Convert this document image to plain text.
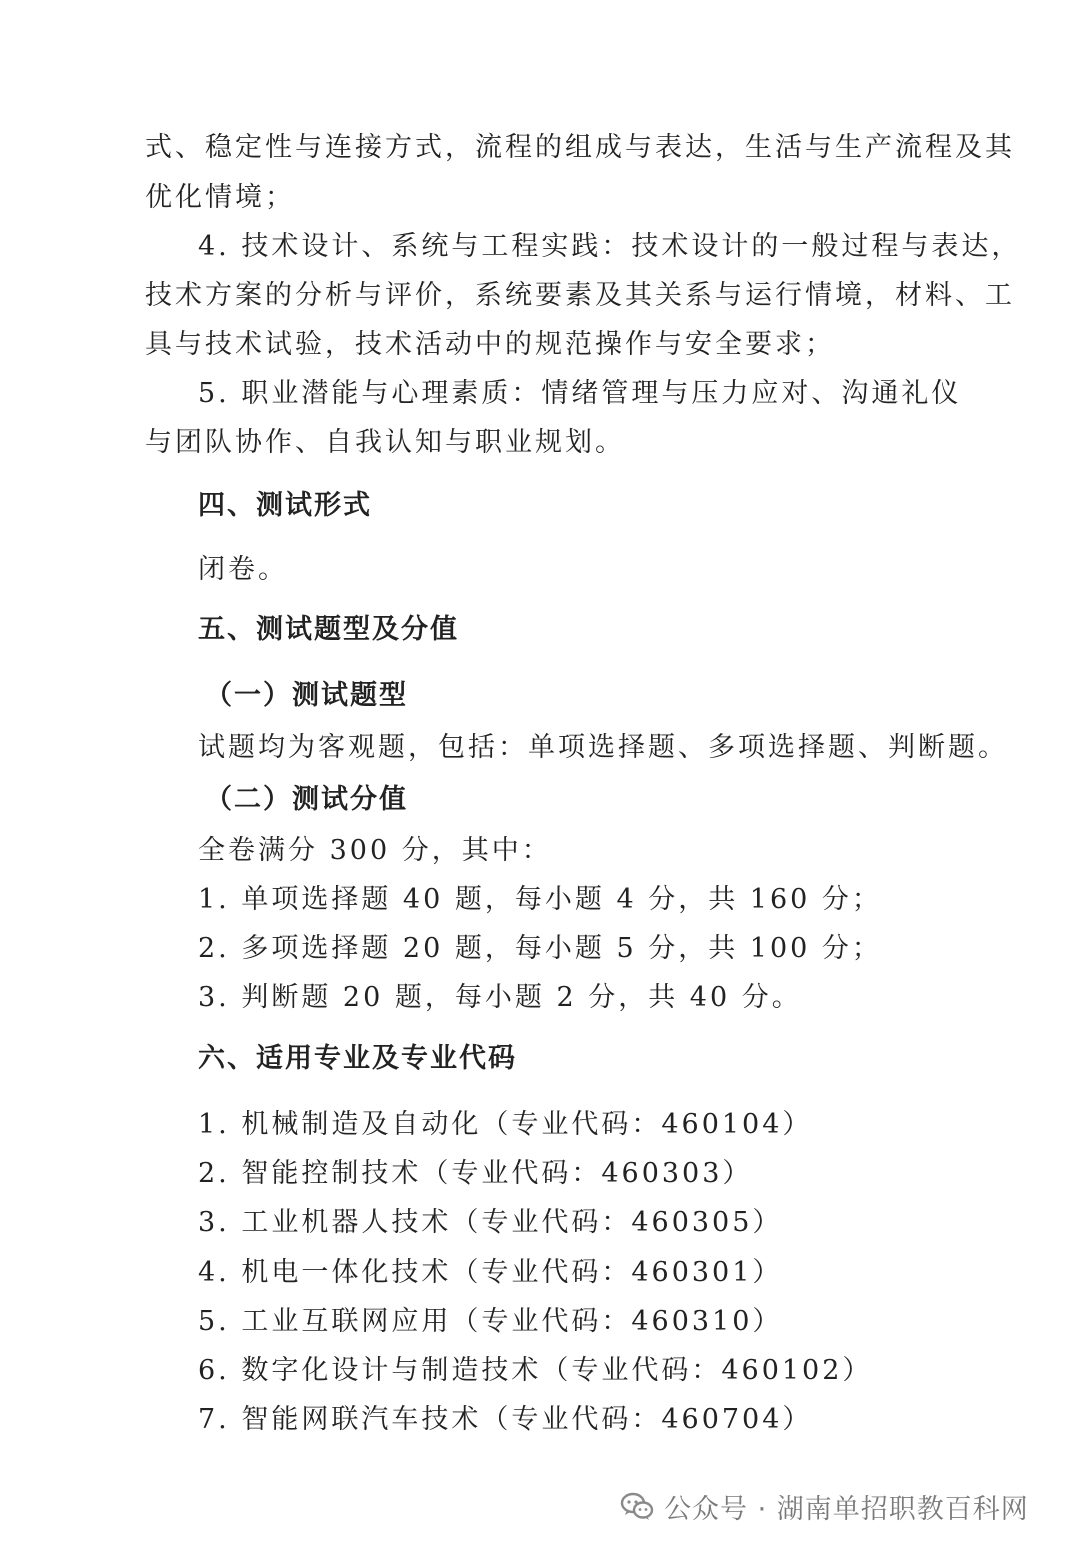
式、稳定性与连接方式，流程的组成与表达，生活与生产流程及其
优化情境；
4. 技术设计、系统与工程实践：技术设计的一般过程与表达，
技术方案的分析与评价，系统要素及其关系与运行情境，材料、工
具与技术试验，技术活动中的规范操作与安全要求；
5. 职业潜能与心理素质：情绪管理与压力应对、沟通礼仪
与团队协作、自我认知与职业规划。
四、测试形式
闭卷。
五、测试题型及分值
（一）测试题型
试题均为客观题，包括：单项选择题、多项选择题、判断题。
（二）测试分值
全卷满分 300 分，其中：
1. 单项选择题 40 题，每小题 4 分，共 160 分；
2. 多项选择题 20 题，每小题 5 分，共 100 分；
3. 判断题 20 题，每小题 2 分，共 40 分。
六、适用专业及专业代码
1. 机械制造及自动化（专业代码：460104）
2. 智能控制技术（专业代码：460303）
3. 工业机器人技术（专业代码：460305）
4. 机电一体化技术（专业代码：460301）
5. 工业互联网应用（专业代码：460310）
6. 数字化设计与制造技术（专业代码：460102）
7. 智能网联汽车技术（专业代码：460704）
公众号 · 湖南单招职教百科网
